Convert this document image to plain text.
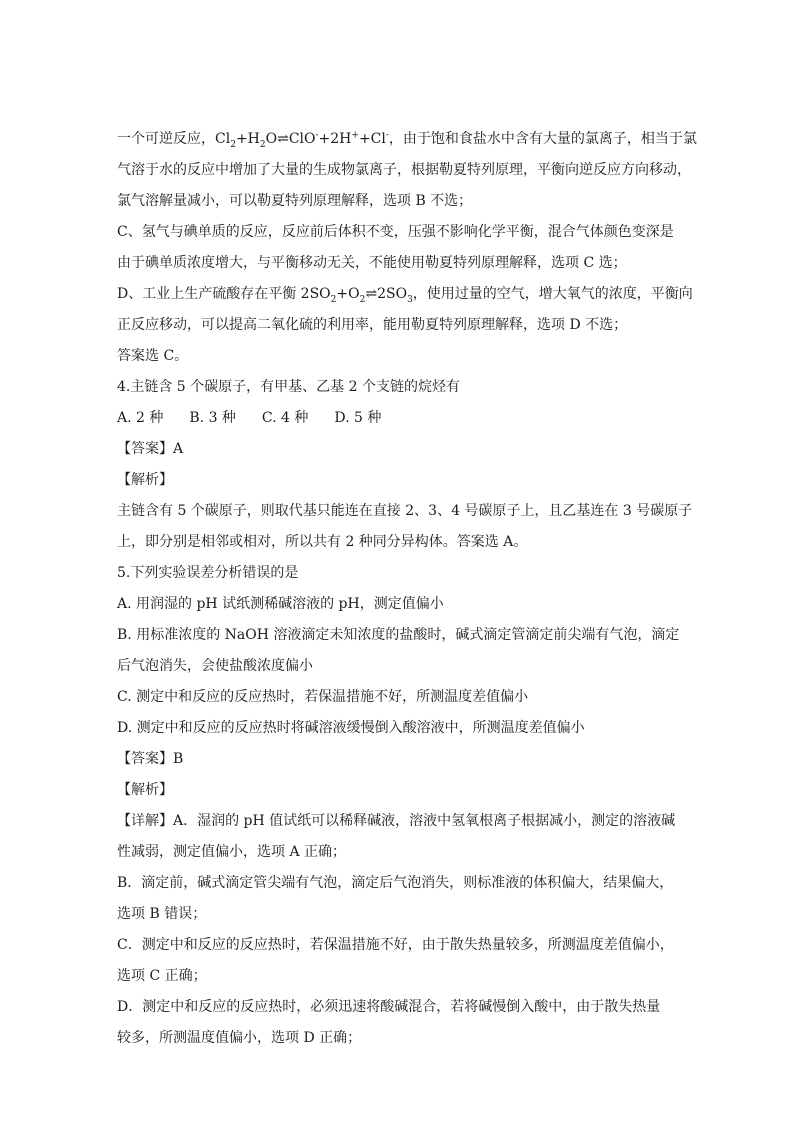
一个可逆反应，$Cl_2+H_2O\rightleftharpoons ClO^-+2H^++Cl^-$，由于饱和食盐水中含有大量的氯离子，相当于氯
气溶于水的反应中增加了大量的生成物氯离子，根据勒夏特列原理，平衡向逆反应方向移动，
氯气溶解量减小，可以勒夏特列原理解释，选项 B 不选；
C、氢气与碘单质的反应，反应前后体积不变，压强不影响化学平衡，混合气体颜色变深是
由于碘单质浓度增大，与平衡移动无关，不能使用勒夏特列原理解释，选项 C 选；
D、工业上生产硫酸存在平衡 $2SO_2+O_2\rightleftharpoons 2SO_3$，使用过量的空气，增大氧气的浓度，平衡向
正反应移动，可以提高二氧化硫的利用率，能用勒夏特列原理解释，选项 D 不选；
答案选 C。
4.主链含 5 个碳原子，有甲基、乙基 2 个支链的烷烃有
A. 2 种 B. 3 种 C. 4 种 D. 5 种
【答案】A
【解析】
主链含有 5 个碳原子，则取代基只能连在直接 2、3、4 号碳原子上，且乙基连在 3 号碳原子
上，即分别是相邻或相对，所以共有 2 种同分异构体。答案选 A。
5.下列实验误差分析错误的是
A. 用润湿的 pH 试纸测稀碱溶液的 pH，测定值偏小
B. 用标准浓度的 NaOH 溶液滴定未知浓度的盐酸时，碱式滴定管滴定前尖端有气泡，滴定
后气泡消失，会使盐酸浓度偏小
C. 测定中和反应的反应热时，若保温措施不好，所测温度差值偏小
D. 测定中和反应的反应热时将碱溶液缓慢倒入酸溶液中，所测温度差值偏小
【答案】B
【解析】
【详解】A．湿润的 pH 值试纸可以稀释碱液，溶液中氢氧根离子根据减小，测定的溶液碱
性减弱，测定值偏小，选项 A 正确；
B．滴定前，碱式滴定管尖端有气泡，滴定后气泡消失，则标准液的体积偏大，结果偏大，
选项 B 错误；
C．测定中和反应的反应热时，若保温措施不好，由于散失热量较多，所测温度差值偏小，
选项 C 正确；
D．测定中和反应的反应热时，必须迅速将酸碱混合，若将碱慢倒入酸中，由于散失热量
较多，所测温度值偏小，选项 D 正确；
